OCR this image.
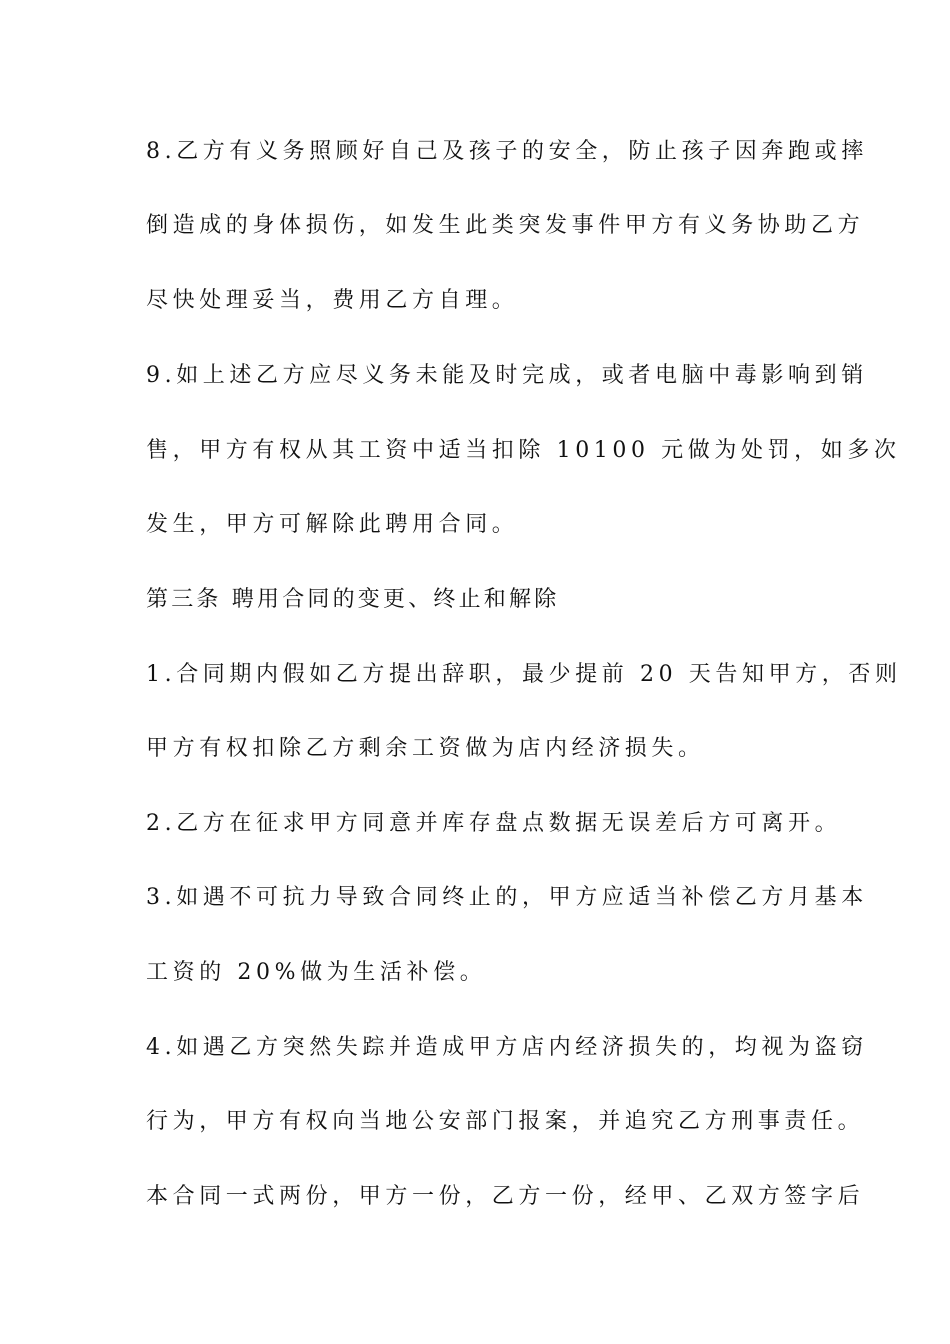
8.乙方有义务照顾好自己及孩子的安全，防止孩子因奔跑或摔
倒造成的身体损伤，如发生此类突发事件甲方有义务协助乙方
尽快处理妥当，费用乙方自理。
9.如上述乙方应尽义务未能及时完成，或者电脑中毒影响到销
售，甲方有权从其工资中适当扣除 10100 元做为处罚，如多次
发生，甲方可解除此聘用合同。
第三条 聘用合同的变更、终止和解除
1.合同期内假如乙方提出辞职，最少提前 20 天告知甲方，否则
甲方有权扣除乙方剩余工资做为店内经济损失。
2.乙方在征求甲方同意并库存盘点数据无误差后方可离开。
3.如遇不可抗力导致合同终止的，甲方应适当补偿乙方月基本
工资的 20%做为生活补偿。
4.如遇乙方突然失踪并造成甲方店内经济损失的，均视为盗窃
行为，甲方有权向当地公安部门报案，并追究乙方刑事责任。
本合同一式两份，甲方一份，乙方一份，经甲、乙双方签字后
